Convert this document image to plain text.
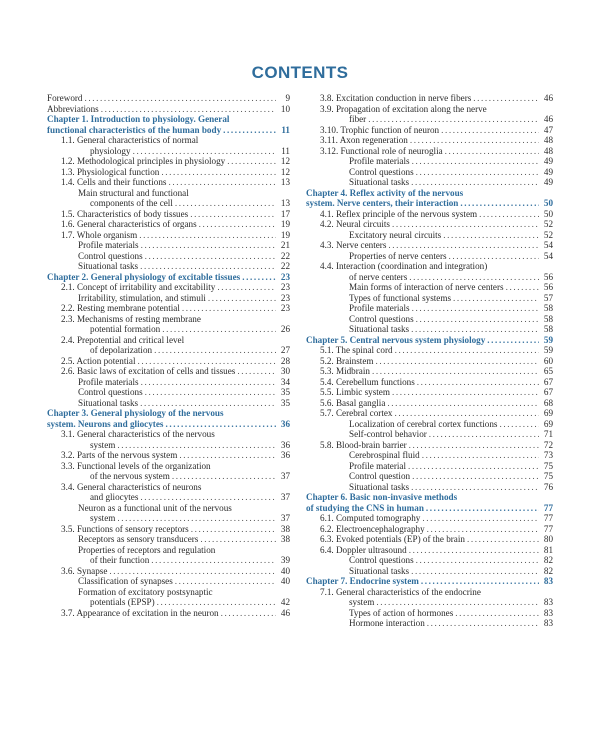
CONTENTS
Foreword .....	9
Abbreviations .....	10
Chapter 1. Introduction to physiology. General
functional characteristics of the human body .....	11
1.1. General characteristics of normal
physiology .....	11
1.2. Methodological principles in physiology .....	12
1.3. Physiological function .....	12
1.4. Cells and their functions .....	13
Main structural and functional
components of the cell .....	13
1.5. Characteristics of body tissues .....	17
1.6. General characteristics of organs .....	19
1.7. Whole organism .....	19
Profile materials .....	21
Control questions .....	22
Situational tasks .....	22
Chapter 2. General physiology of excitable tissues .....	23
2.1. Concept of irritability and excitability .....	23
Irritability, stimulation, and stimuli .....	23
2.2. Resting membrane potential .....	23
2.3. Mechanisms of resting membrane
potential formation .....	26
2.4. Prepotential and critical level
of depolarization .....	27
2.5. Action potential .....	28
2.6. Basic laws of excitation of cells and tissues .....	30
Profile materials .....	34
Control questions .....	35
Situational tasks .....	35
Chapter 3. General physiology of the nervous
system. Neurons and gliocytes .....	36
3.1. General characteristics of the nervous
system .....	36
3.2. Parts of the nervous system .....	36
3.3. Functional levels of the organization
of the nervous system .....	37
3.4. General characteristics of neurons
and gliocytes .....	37
Neuron as a functional unit of the nervous
system .....	37
3.5. Functions of sensory receptors .....	38
Receptors as sensory transducers .....	38
Properties of receptors and regulation
of their function .....	39
3.6. Synapse .....	40
Classification of synapses .....	40
Formation of excitatory postsynaptic
potentials (EPSP) .....	42
3.7. Appearance of excitation in the neuron .....	46
3.8. Excitation conduction in nerve fibers .....	46
3.9. Propagation of excitation along the nerve
fiber .....	46
3.10. Trophic function of neuron .....	47
3.11. Axon regeneration .....	48
3.12. Functional role of neuroglia .....	48
Profile materials .....	49
Control questions .....	49
Situational tasks .....	49
Chapter 4. Reflex activity of the nervous
system. Nerve centers, their interaction .....	50
4.1. Reflex principle of the nervous system .....	50
4.2. Neural circuits .....	52
Excitatory neural circuits .....	52
4.3. Nerve centers .....	54
Properties of nerve centers .....	54
4.4. Interaction (coordination and integration)
of nerve centers .....	56
Main forms of interaction of nerve centers .....	56
Types of functional systems .....	57
Profile materials .....	58
Control questions .....	58
Situational tasks .....	58
Chapter 5. Central nervous system physiology .....	59
5.1. The spinal cord .....	59
5.2. Brainstem .....	60
5.3. Midbrain .....	65
5.4. Cerebellum functions .....	67
5.5. Limbic system .....	67
5.6. Basal ganglia .....	68
5.7. Cerebral cortex .....	69
Localization of cerebral cortex functions .....	69
Self-control behavior .....	71
5.8. Blood-brain barrier .....	72
Cerebrospinal fluid .....	73
Profile material .....	75
Control question .....	75
Situational tasks .....	76
Chapter 6. Basic non-invasive methods
of studying the CNS in human .....	77
6.1. Computed tomography .....	77
6.2. Electroencephalography .....	77
6.3. Evoked potentials (EP) of the brain .....	80
6.4. Doppler ultrasound .....	81
Control questions .....	82
Situational tasks .....	82
Chapter 7. Endocrine system .....	83
7.1. General characteristics of the endocrine
system .....	83
Types of action of hormones .....	83
Hormone interaction .....	83
